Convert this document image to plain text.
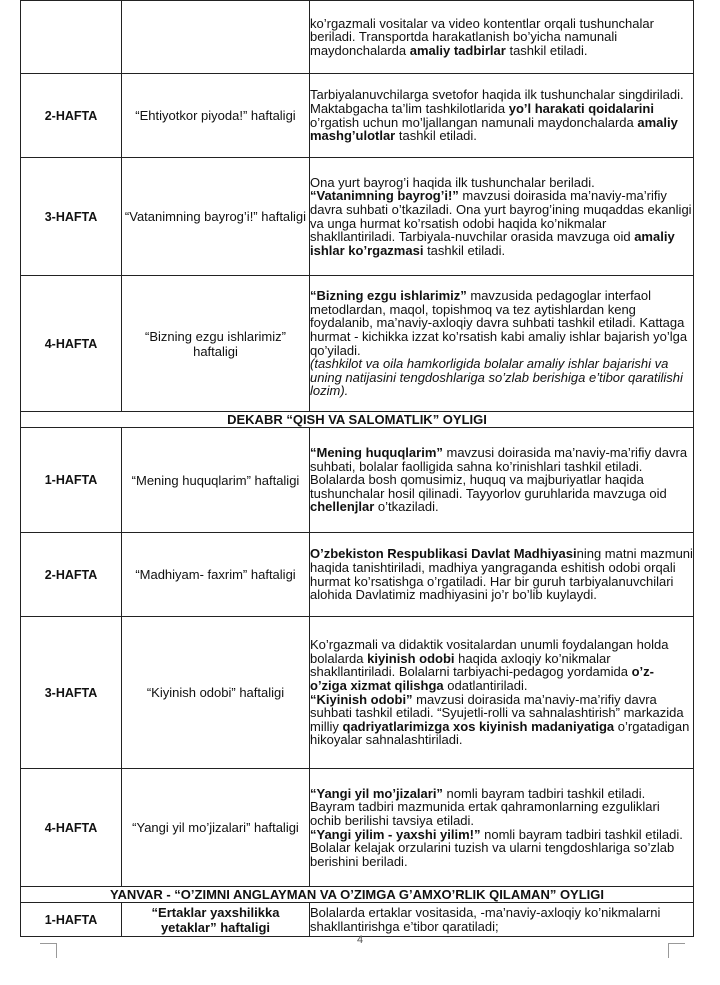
		ko’rgazmali vositalar va video kontentlar orqali tushunchalar beriladi. Transportda harakatlanish bo’yicha namunali maydonchalarda amaliy tadbirlar tashkil etiladi.

2-HAFTA	“Ehtiyotkor piyoda!” haftaligi	Tarbiyalanuvchilarga svetofor haqida ilk tushunchalar singdiriladi.

Maktabgacha ta’lim tashkilotlarida yo’l harakati qoidalarini o’rgatish uchun mo’ljallangan namunali maydonchalarda amaliy mashg’ulotlar tashkil etiladi.

3-HAFTA	“Vatanimning bayrog’i!” haftaligi	Ona yurt bayrog’i haqida ilk tushunchalar beriladi.

“Vatanimning bayrog’i!” mavzusi doirasida ma’naviy-ma’rifiy davra suhbati o’tkaziladi. Ona yurt bayrog’ining muqaddas ekanligi va unga hurmat ko’rsatish odobi haqida ko’nikmalar shakllantiriladi. Tarbiyala-nuvchilar orasida mavzuga oid amaliy ishlar ko’rgazmasi tashkil etiladi.

4-HAFTA	“Bizning ezgu ishlarimiz” haftaligi	“Bizning ezgu ishlarimiz” mavzusida pedagoglar interfaol metodlardan, maqol, topishmoq va tez aytishlardan keng foydalanib, ma’naviy-axloqiy davra suhbati tashkil etiladi. Kattaga hurmat - kichikka izzat ko’rsatish kabi amaliy ishlar bajarish yo’lga qo’yiladi.

(tashkilot va oila hamkorligida bolalar amaliy ishlar bajarishi va uning natijasini tengdoshlariga so’zlab berishiga e’tibor qaratilishi lozim).

DEKABR “QISH VA SALOMATLIK” OYLIGI		
1-HAFTA	“Mening huquqlarim” haftaligi	“Mening huquqlarim” mavzusi doirasida ma’naviy-ma’rifiy davra suhbati, bolalar faolligida sahna ko’rinishlari tashkil etiladi. Bolalarda bosh qomusimiz, huquq va majburiyatlar haqida tushunchalar hosil qilinadi. Tayyorlov guruhlarida mavzuga oid chellenjlar o’tkaziladi.

2-HAFTA	“Madhiyam- faxrim” haftaligi	O’zbekiston Respublikasi Davlat Madhiyasining matni mazmuni haqida tanishtiriladi, madhiya yangraganda eshitish odobi orqali hurmat ko’rsatishga o’rgatiladi. Har bir guruh tarbiyalanuvchilari alohida Davlatimiz madhiyasini jo’r bo’lib kuylaydi.

3-HAFTA	“Kiyinish odobi” haftaligi	Ko’rgazmali va didaktik vositalardan unumli foydalangan holda bolalarda kiyinish odobi haqida axloqiy ko’nikmalar shakllantiriladi. Bolalarni tarbiyachi-pedagog yordamida o’z- o’ziga xizmat qilishga odatlantiriladi.

“Kiyinish odobi” mavzusi doirasida ma’naviy-ma’rifiy davra suhbati tashkil etiladi. “Syujetli-rolli va sahnalashtirish” markazida milliy qadriyatlarimizga xos kiyinish madaniyatiga o’rgatadigan hikoyalar sahnalashtiriladi.

4-HAFTA	“Yangi yil mo’jizalari” haftaligi	“Yangi yil mo’jizalari” nomli bayram tadbiri tashkil etiladi. Bayram tadbiri mazmunida ertak qahramonlarning ezguliklari ochib berilishi tavsiya etiladi.

“Yangi yilim - yaxshi yilim!” nomli bayram tadbiri tashkil etiladi. Bolalar kelajak orzularini tuzish va ularni tengdoshlariga so’zlab berishini beriladi.

YANVAR - “O’ZIMNI ANGLAYMAN VA O’ZIMGA G’AMXO’RLIK QILAMAN” OYLIGI		
1-HAFTA	“Ertaklar yaxshilikka yetaklar” haftaligi	Bolalarda ertaklar vositasida, -ma’naviy-axloqiy ko’nikmalarni shakllantirishga e’tibor qaratiladi;

4
